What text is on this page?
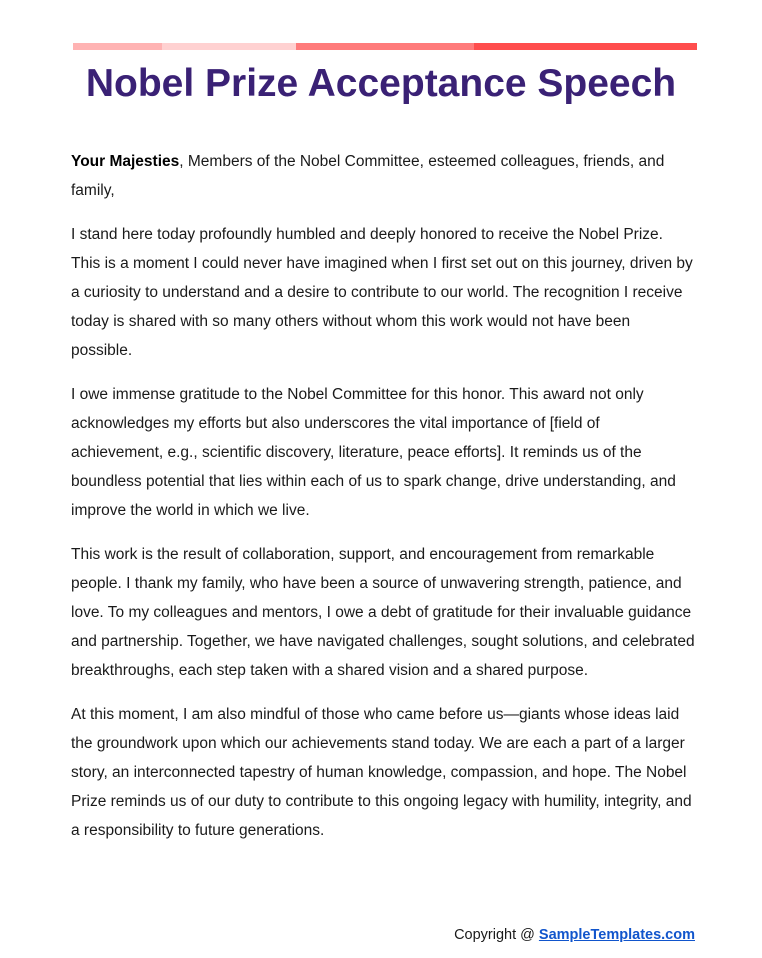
Nobel Prize Acceptance Speech

Your Majesties, Members of the Nobel Committee, esteemed colleagues, friends, and family,

I stand here today profoundly humbled and deeply honored to receive the Nobel Prize. This is a moment I could never have imagined when I first set out on this journey, driven by a curiosity to understand and a desire to contribute to our world. The recognition I receive today is shared with so many others without whom this work would not have been possible.

I owe immense gratitude to the Nobel Committee for this honor. This award not only acknowledges my efforts but also underscores the vital importance of [field of achievement, e.g., scientific discovery, literature, peace efforts]. It reminds us of the boundless potential that lies within each of us to spark change, drive understanding, and improve the world in which we live.

This work is the result of collaboration, support, and encouragement from remarkable people. I thank my family, who have been a source of unwavering strength, patience, and love. To my colleagues and mentors, I owe a debt of gratitude for their invaluable guidance and partnership. Together, we have navigated challenges, sought solutions, and celebrated breakthroughs, each step taken with a shared vision and a shared purpose.

At this moment, I am also mindful of those who came before us—giants whose ideas laid the groundwork upon which our achievements stand today. We are each a part of a larger story, an interconnected tapestry of human knowledge, compassion, and hope. The Nobel Prize reminds us of our duty to contribute to this ongoing legacy with humility, integrity, and a responsibility to future generations.

Copyright @ SampleTemplates.com
